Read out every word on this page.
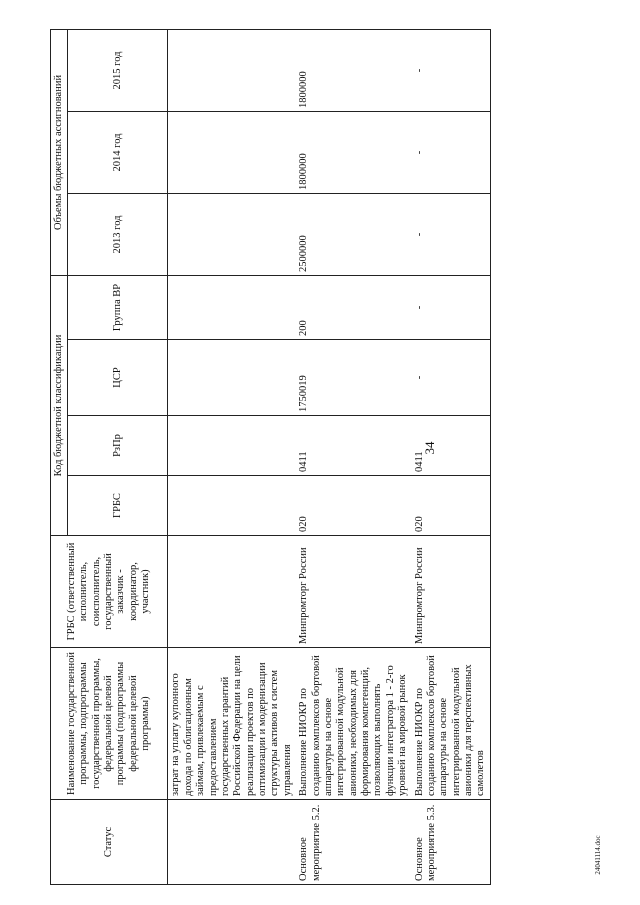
34
24041114.doc
Статус	Наименование государственной программы, подпрограммы государственной программы, федеральной целевой программы (подпрограммы федеральной целевой программы)	ГРБС (ответственный исполнитель, соисполнитель, государственный заказчик - координатор, участник)	Код бюджетной классификации				Объемы бюджетных ассигнований		
			ГРБС	РзПр	ЦСР	Группа ВР	2013 год	2014 год	2015 год
	затрат на уплату купонного дохода по облигационным займам, привлекаемым с предоставлением государственных гарантий Российской Федерации на цели реализации проектов по оптимизации и модернизации структуры активов и систем управления								
Основное мероприятие 5.2.	Выполнение НИОКР по созданию комплексов бортовой аппаратуры на основе интегрированной модульной авионики, необходимых для формирования компетенций, позволяющих выполнять функции интегратора 1 - 2-го уровней на мировой рынок	Минпромторг России	020	0411	1750019	200	2500000	1800000	1800000
Основное мероприятие 5.3.	Выполнение НИОКР по созданию комплексов бортовой аппаратуры на основе интегрированной модульной авионики для перспективных самолетов	Минпромторг России	020	0411	-	-	-	-	-
